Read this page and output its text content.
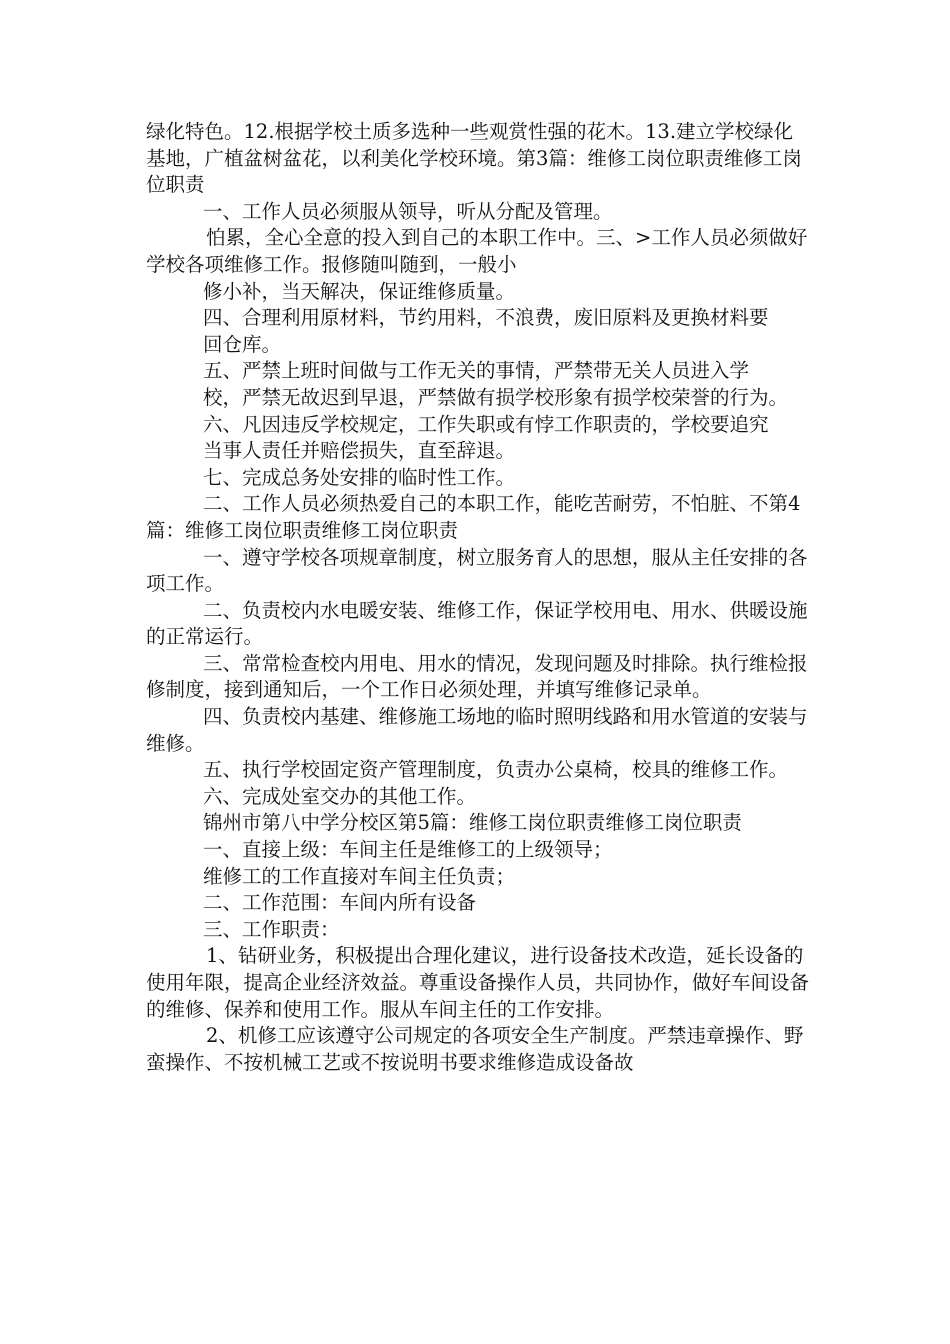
绿化特色。12.根据学校土质多选种一些观赏性强的花木。13.建立学校绿化基地，广植盆树盆花，以利美化学校环境。第3篇：维修工岗位职责维修工岗位职责

一、工作人员必须服从领导，听从分配及管理。

怕累，全心全意的投入到自己的本职工作中。三、>工作人员必须做好学校各项维修工作。报修随叫随到，一般小

修小补，当天解决，保证维修质量。

四、合理利用原材料，节约用料，不浪费，废旧原料及更换材料要

回仓库。

五、严禁上班时间做与工作无关的事情，严禁带无关人员进入学

校，严禁无故迟到早退，严禁做有损学校形象有损学校荣誉的行为。

六、凡因违反学校规定，工作失职或有悖工作职责的，学校要追究

当事人责任并赔偿损失，直至辞退。

七、完成总务处安排的临时性工作。

二、工作人员必须热爱自己的本职工作，能吃苦耐劳，不怕脏、不第4篇：维修工岗位职责维修工岗位职责

一、遵守学校各项规章制度，树立服务育人的思想，服从主任安排的各项工作。

二、负责校内水电暖安装、维修工作，保证学校用电、用水、供暖设施的正常运行。

三、常常检查校内用电、用水的情况，发现问题及时排除。执行维检报修制度，接到通知后，一个工作日必须处理，并填写维修记录单。

四、负责校内基建、维修施工场地的临时照明线路和用水管道的安装与维修。

五、执行学校固定资产管理制度，负责办公桌椅，校具的维修工作。

六、完成处室交办的其他工作。

锦州市第八中学分校区第5篇：维修工岗位职责维修工岗位职责

一、直接上级：车间主任是维修工的上级领导；

维修工的工作直接对车间主任负责；

二、工作范围：车间内所有设备

三、工作职责：

1、钻研业务，积极提出合理化建议，进行设备技术改造，延长设备的使用年限，提高企业经济效益。尊重设备操作人员，共同协作，做好车间设备的维修、保养和使用工作。服从车间主任的工作安排。

2、机修工应该遵守公司规定的各项安全生产制度。严禁违章操作、野蛮操作、不按机械工艺或不按说明书要求维修造成设备故
